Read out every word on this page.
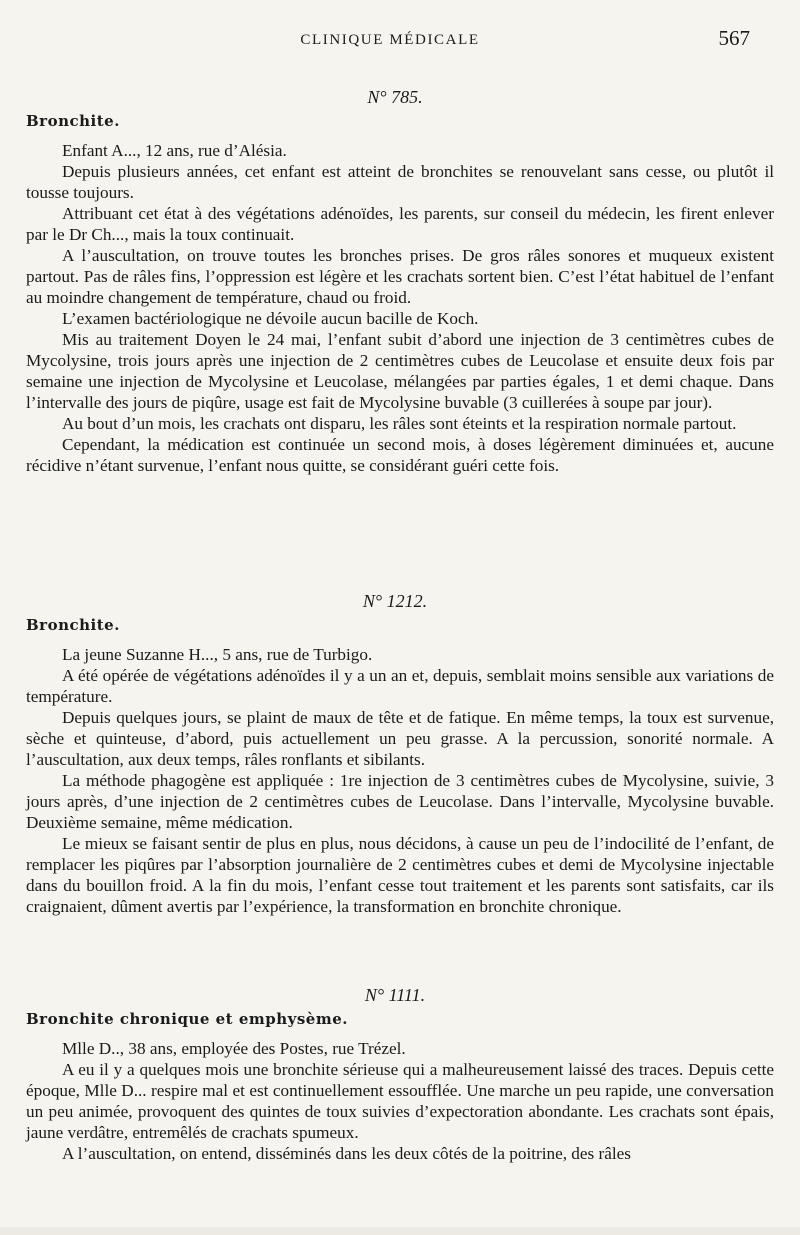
CLINIQUE MÉDICALE	567
N° 785.
Bronchite.

Enfant A..., 12 ans, rue d’Alésia.

Depuis plusieurs années, cet enfant est atteint de bronchites se renouvelant sans cesse, ou plutôt il tousse toujours.

Attribuant cet état à des végétations adénoïdes, les parents, sur conseil du médecin, les firent enlever par le Dr Ch..., mais la toux continuait.

A l’auscultation, on trouve toutes les bronches prises. De gros râles sonores et muqueux existent partout. Pas de râles fins, l’oppression est légère et les crachats sortent bien. C’est l’état habituel de l’enfant au moindre changement de température, chaud ou froid.

L’examen bactériologique ne dévoile aucun bacille de Koch.

Mis au traitement Doyen le 24 mai, l’enfant subit d’abord une injection de 3 centimètres cubes de Mycolysine, trois jours après une injection de 2 centimètres cubes de Leucolase et ensuite deux fois par semaine une injection de Mycolysine et Leucolase, mélangées par parties égales, 1 et demi chaque. Dans l’intervalle des jours de piqûre, usage est fait de Mycolysine buvable (3 cuillerées à soupe par jour).

Au bout d’un mois, les crachats ont disparu, les râles sont éteints et la respiration normale partout.

Cependant, la médication est continuée un second mois, à doses légèrement diminuées et, aucune récidive n’étant survenue, l’enfant nous quitte, se considérant guéri cette fois.

N° 1212.
Bronchite.

La jeune Suzanne H..., 5 ans, rue de Turbigo.

A été opérée de végétations adénoïdes il y a un an et, depuis, semblait moins sensible aux variations de température.

Depuis quelques jours, se plaint de maux de tête et de fatique. En même temps, la toux est survenue, sèche et quinteuse, d’abord, puis actuellement un peu grasse. A la percussion, sonorité normale. A l’auscultation, aux deux temps, râles ronflants et sibilants.

La méthode phagogène est appliquée : 1re injection de 3 centimètres cubes de Mycolysine, suivie, 3 jours après, d’une injection de 2 centimètres cubes de Leucolase. Dans l’intervalle, Mycolysine buvable. Deuxième semaine, même médication.

Le mieux se faisant sentir de plus en plus, nous décidons, à cause un peu de l’indocilité de l’enfant, de remplacer les piqûres par l’absorption journalière de 2 centimètres cubes et demi de Mycolysine injectable dans du bouillon froid. A la fin du mois, l’enfant cesse tout traitement et les parents sont satisfaits, car ils craignaient, dûment avertis par l’expérience, la transformation en bronchite chronique.

N° 1111.
Bronchite chronique et emphysème.

Mlle D.., 38 ans, employée des Postes, rue Trézel.

A eu il y a quelques mois une bronchite sérieuse qui a malheureusement laissé des traces. Depuis cette époque, Mlle D... respire mal et est continuellement essoufflée. Une marche un peu rapide, une conversation un peu animée, provoquent des quintes de toux suivies d’expectoration abondante. Les crachats sont épais, jaune verdâtre, entremêlés de crachats spumeux.

A l’auscultation, on entend, disséminés dans les deux côtés de la poitrine, des râles
